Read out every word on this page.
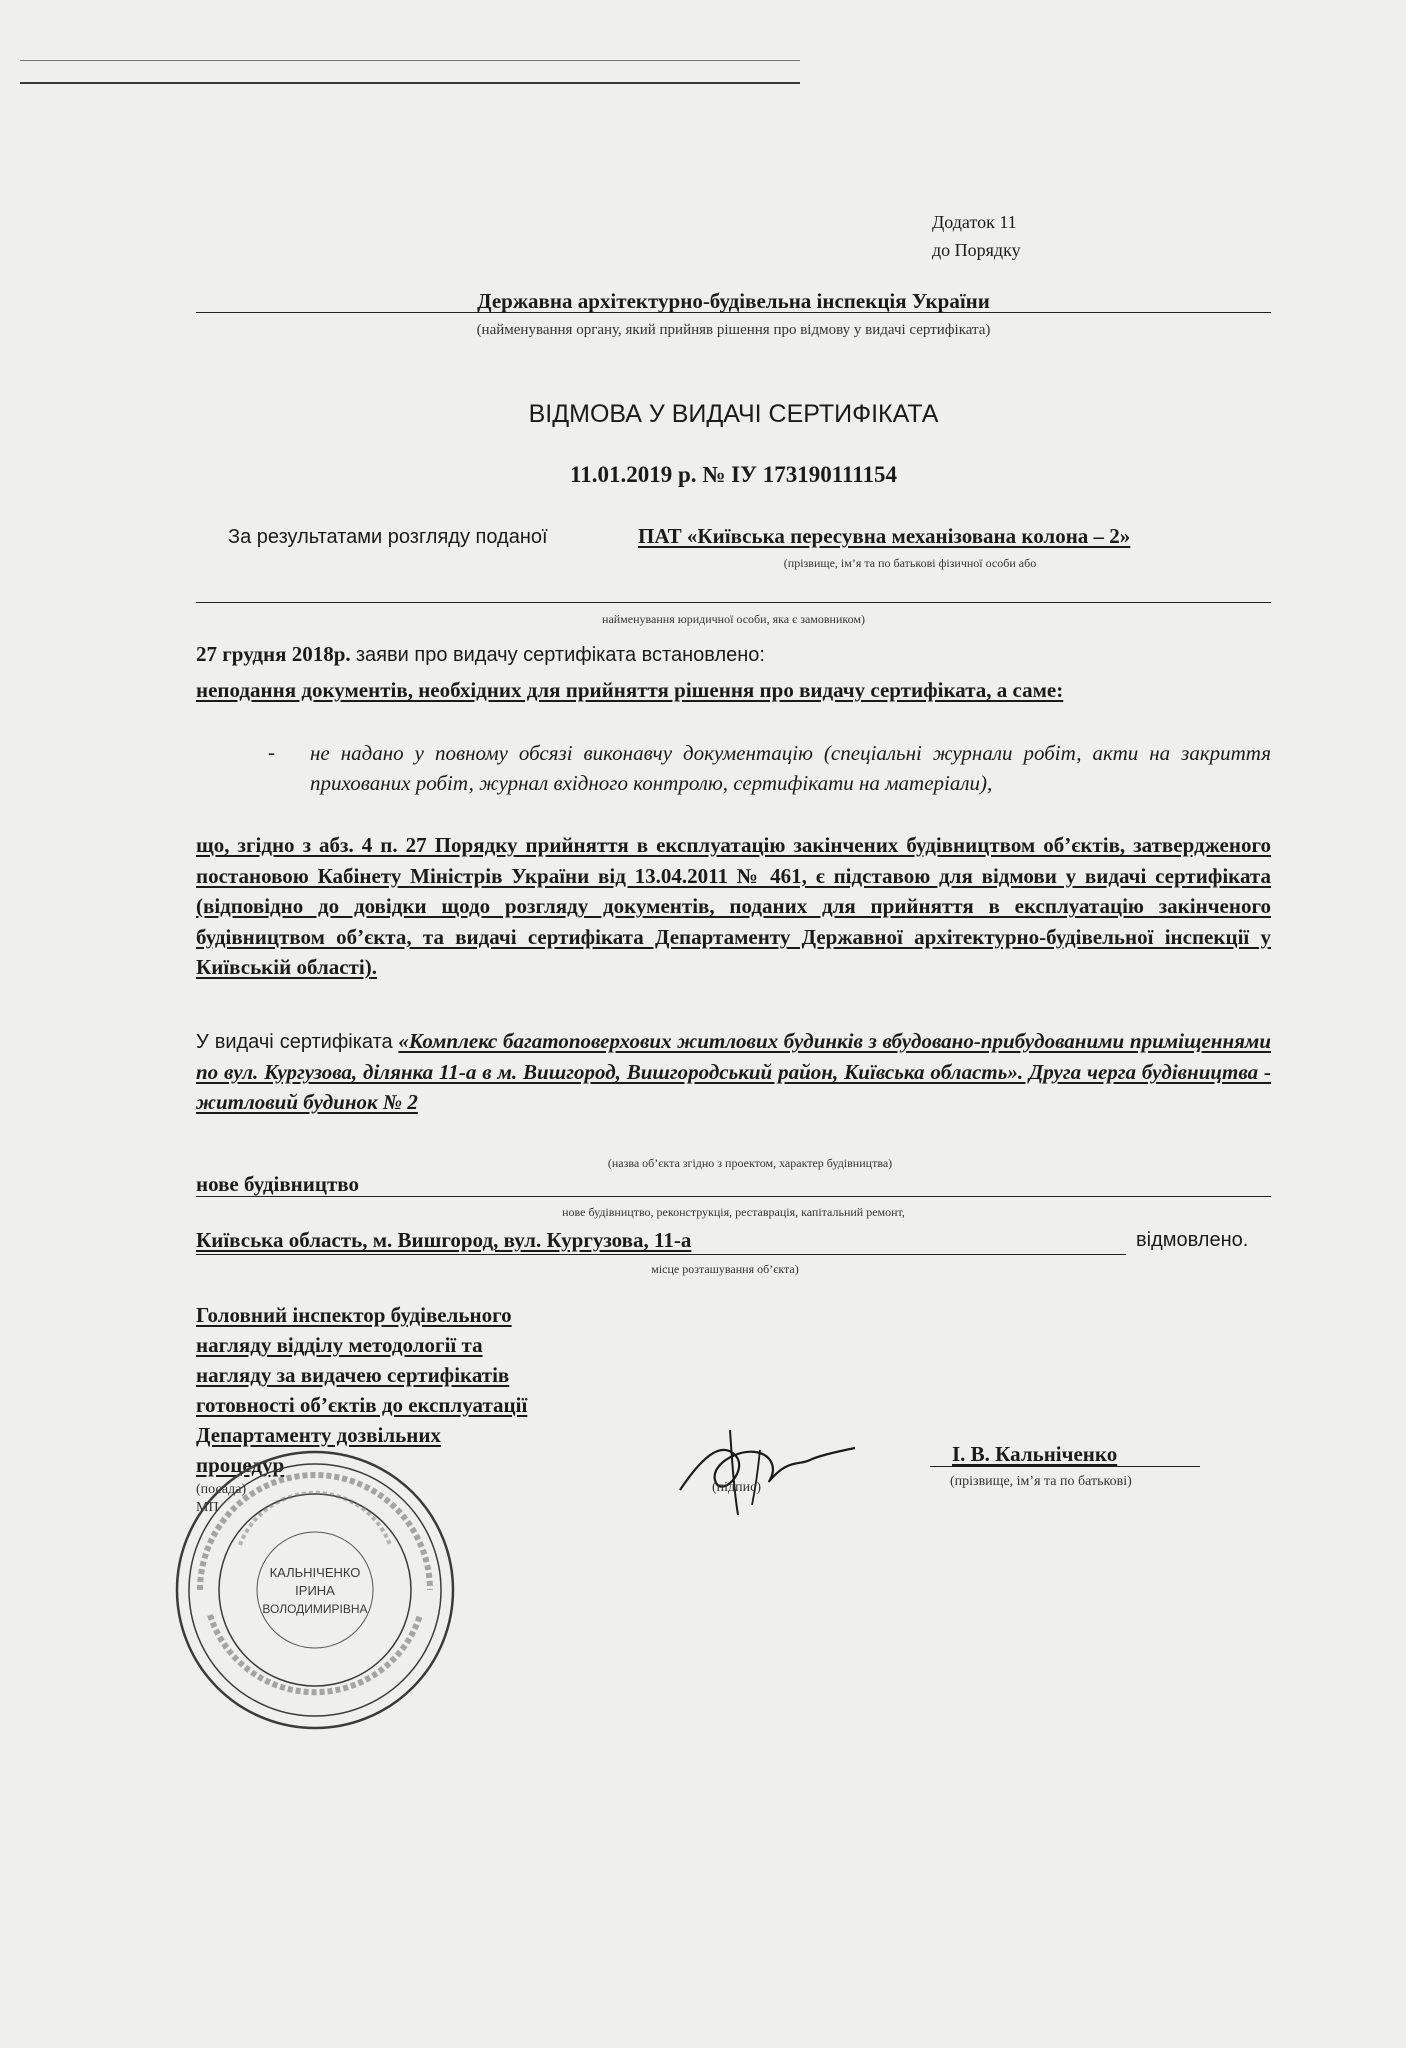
Додаток 11
до Порядку
Державна архітектурно-будівельна інспекція України
(найменування органу, який прийняв рішення про відмову у видачі сертифіката)
ВІДМОВА У ВИДАЧІ СЕРТИФІКАТА
11.01.2019 р. № ІУ 173190111154
За результатами розгляду поданої	ПАТ «Київська пересувна механізована колона – 2»
(прізвище, ім’я та по батькові фізичної особи або
найменування юридичної особи, яка є замовником)
27 грудня 2018р. заяви про видачу сертифіката встановлено:
неподання документів, необхідних для прийняття рішення про видачу сертифіката, а саме:
- не надано у повному обсязі виконавчу документацію (спеціальні журнали робіт, акти на закриття прихованих робіт, журнал вхідного контролю, сертифікати на матеріали),
що, згідно з абз. 4 п. 27 Порядку прийняття в експлуатацію закінчених будівництвом об’єктів, затвердженого постановою Кабінету Міністрів України від 13.04.2011 № 461, є підставою для відмови у видачі сертифіката (відповідно до довідки щодо розгляду документів, поданих для прийняття в експлуатацію закінченого будівництвом об’єкта, та видачі сертифіката Департаменту Державної архітектурно-будівельної інспекції у Київській області).
У видачі сертифіката «Комплекс багатоповерхових житлових будинків з вбудовано-прибудованими приміщеннями по вул. Кургузова, ділянка 11-а в м. Вишгород, Вишгородський район, Київська область». Друга черга будівництва - житловий будинок № 2
(назва об’єкта згідно з проектом, характер будівництва)
нове будівництво
нове будівництво, реконструкція, реставрація, капітальний ремонт,
Київська область, м. Вишгород, вул. Кургузова, 11-а	відмовлено.
місце розташування об’єкта)
Головний інспектор будівельного
нагляду відділу методології та
нагляду за видачею сертифікатів
готовності об’єктів до експлуатації
Департаменту дозвільних
процедур
(посада)
МП
(підпис)
І. В. Кальніченко
(прізвище, ім’я та по батькові)
КАЛЬНІЧЕНКО
ІРИНА
ВОЛОДИМИРІВНА
